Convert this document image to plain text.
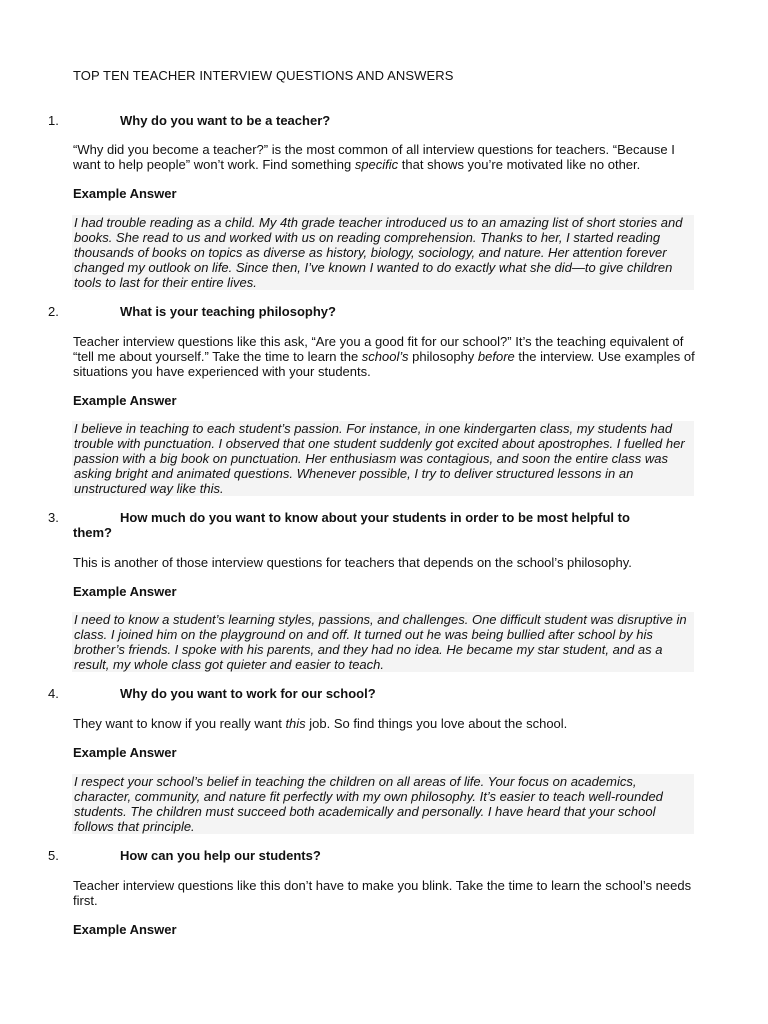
TOP TEN TEACHER INTERVIEW QUESTIONS AND ANSWERS
1.	Why do you want to be a teacher?
“Why did you become a teacher?” is the most common of all interview questions for teachers. “Because I want to help people” won’t work. Find something specific that shows you’re motivated like no other.
Example Answer
I had trouble reading as a child. My 4th grade teacher introduced us to an amazing list of short stories and books. She read to us and worked with us on reading comprehension. Thanks to her, I started reading thousands of books on topics as diverse as history, biology, sociology, and nature. Her attention forever changed my outlook on life. Since then, I’ve known I wanted to do exactly what she did—to give children tools to last for their entire lives.
2.	What is your teaching philosophy?
Teacher interview questions like this ask, “Are you a good fit for our school?” It’s the teaching equivalent of “tell me about yourself.” Take the time to learn the school’s philosophy before the interview. Use examples of situations you have experienced with your students.
Example Answer
I believe in teaching to each student’s passion. For instance, in one kindergarten class, my students had trouble with punctuation. I observed that one student suddenly got excited about apostrophes. I fuelled her passion with a big book on punctuation. Her enthusiasm was contagious, and soon the entire class was asking bright and animated questions. Whenever possible, I try to deliver structured lessons in an unstructured way like this.
3.	How much do you want to know about your students in order to be most helpful to
them?
This is another of those interview questions for teachers that depends on the school’s philosophy.
Example Answer
I need to know a student’s learning styles, passions, and challenges. One difficult student was disruptive in class. I joined him on the playground on and off. It turned out he was being bullied after school by his brother’s friends. I spoke with his parents, and they had no idea. He became my star student, and as a result, my whole class got quieter and easier to teach.
4.	Why do you want to work for our school?
They want to know if you really want this job. So find things you love about the school.
Example Answer
I respect your school’s belief in teaching the children on all areas of life. Your focus on academics, character, community, and nature fit perfectly with my own philosophy. It’s easier to teach well-rounded students. The children must succeed both academically and personally. I have heard that your school follows that principle.
5.	How can you help our students?
Teacher interview questions like this don’t have to make you blink. Take the time to learn the school’s needs first.
Example Answer
